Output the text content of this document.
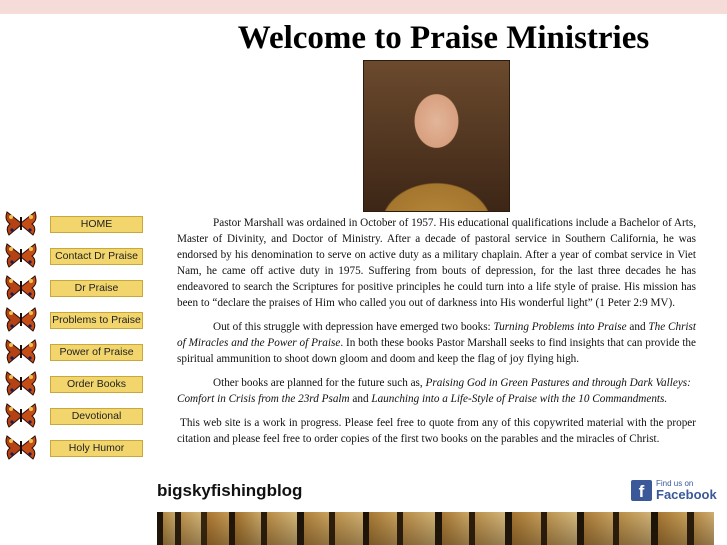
Welcome to Praise Ministries
HOME
Contact Dr Praise
Dr Praise
Problems to Praise
Power of Praise
Order Books
Devotional
Holy Humor

Pastor Marshall was ordained in October of 1957. His educational qualifications include a Bachelor of Arts, Master of Divinity, and Doctor of Ministry. After a decade of pastoral service in Southern California, he was endorsed by his denomination to serve on active duty as a military chaplain. After a year of combat service in Viet Nam, he came off active duty in 1975. Suffering from bouts of depression, for the last three decades he has endeavored to search the Scriptures for positive principles he could turn into a life style of praise. His mission has been to “declare the praises of Him who called you out of darkness into His wonderful light” (1 Peter 2:9 MV).

Out of this struggle with depression have emerged two books: Turning Problems into Praise and The Christ of Miracles and the Power of Praise. In both these books Pastor Marshall seeks to find insights that can provide the spiritual ammunition to shoot down gloom and doom and keep the flag of joy flying high.

Other books are planned for the future such as, Praising God in Green Pastures and through Dark Valleys: Comfort in Crisis from the 23rd Psalm and Launching into a Life-Style of Praise with the 10 Commandments.

This web site is a work in progress. Please feel free to quote from any of this copywrited material with the proper citation and please feel free to order copies of the first two books on the parables and the miracles of Christ.

bigskyfishingblog	f	Find us on
Facebook
